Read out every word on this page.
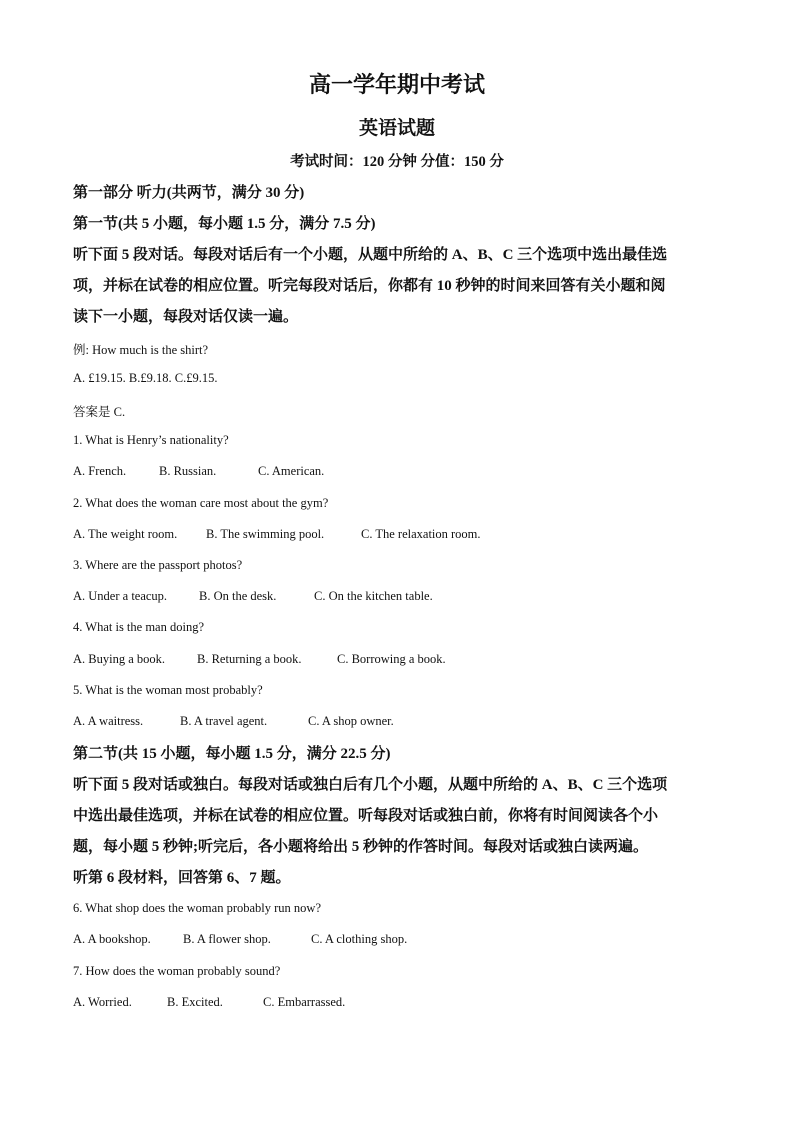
高一学年期中考试
英语试题
考试时间：120 分钟 分值：150 分
第一部分 听力(共两节，满分 30 分)
第一节(共 5 小题，每小题 1.5 分，满分 7.5 分)
听下面 5 段对话。每段对话后有一个小题，从题中所给的 A、B、C 三个选项中选出最佳选
项，并标在试卷的相应位置。听完每段对话后，你都有 10 秒钟的时间来回答有关小题和阅
读下一小题，每段对话仅读一遍。
例: How much is the shirt?
A. £19.15. B.£9.18. C.£9.15.
答案是 C.
1. What is Henry’s nationality?
A. French.	B. Russian.	C. American.
2. What does the woman care most about the gym?
A. The weight room. B. The swimming pool.	C. The relaxation room.
3. Where are the passport photos?
A. Under a teacup.	B. On the desk.	C. On the kitchen table.
4. What is the man doing?
A. Buying a book.	B. Returning a book.	C. Borrowing a book.
5. What is the woman most probably?
A. A waitress.	B. A travel agent.	C. A shop owner.
第二节(共 15 小题，每小题 1.5 分，满分 22.5 分)
听下面 5 段对话或独白。每段对话或独白后有几个小题，从题中所给的 A、B、C 三个选项
中选出最佳选项，并标在试卷的相应位置。听每段对话或独白前，你将有时间阅读各个小
题，每小题 5 秒钟;听完后，各小题将给出 5 秒钟的作答时间。每段对话或独白读两遍。
听第 6 段材料，回答第 6、7 题。
6. What shop does the woman probably run now?
A. A bookshop.	B. A flower shop.	C. A clothing shop.
7. How does the woman probably sound?
A. Worried.	B. Excited.	C. Embarrassed.
